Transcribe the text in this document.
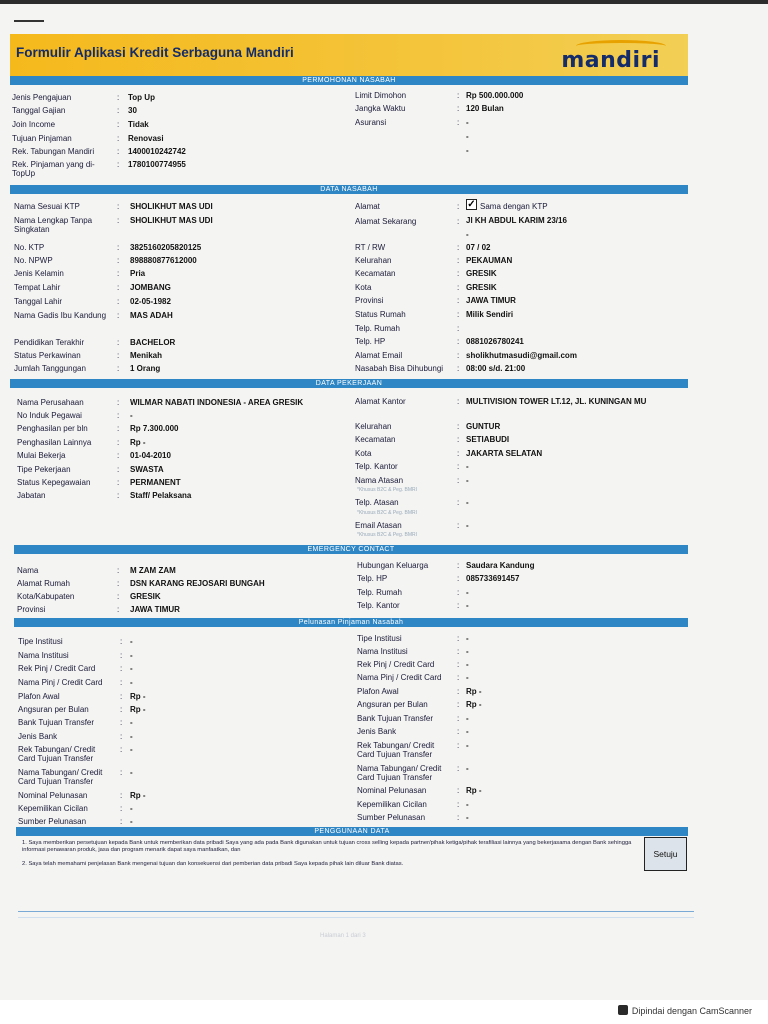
Formulir Aplikasi Kredit Serbaguna Mandiri	mandiri
PERMOHONAN NASABAH
Jenis Pengajuan	: Top Up
Tanggal Gajian	: 30
Join Income	: Tidak
Tujuan Pinjaman	: Renovasi
Rek. Tabungan Mandiri	: 1400010242742
Rek. Pinjaman yang di-TopUp
: 1780100774955
Limit Dimohon	: Rp 500.000.000
Jangka Waktu	: 120 Bulan
Asuransi	: -
-
-
DATA NASABAH
Nama Sesuai KTP	: SHOLIKHUT MAS UDI
Nama Lengkap Tanpa Singkatan
: SHOLIKHUT MAS UDI
No. KTP	: 3825160205820125
No. NPWP	: 898880877612000
Jenis Kelamin	: Pria
Tempat Lahir	: JOMBANG
Tanggal Lahir	: 02-05-1982
Nama Gadis Ibu Kandung : MAS ADAH
Pendidikan Terakhir	: BACHELOR
Status Perkawinan	: Menikah
Jumlah Tanggungan	: 1 Orang
RT / RW	: 07 / 02
Kelurahan	: PEKAUMAN
Kecamatan	: GRESIK
Kota	: GRESIK
Provinsi	: JAWA TIMUR
Status Rumah	: Milik Sendiri
Telp. Rumah	:
Telp. HP	: 0881026780241
Alamat Email	: sholikhutmasudi@gmail.com
Nasabah Bisa Dihubungi : 08:00 s/d. 21:00
Alamat	: ✓ Sama dengan KTP
Alamat Sekarang	: Jl KH ABDUL KARIM 23/16
-
DATA PEKERJAAN
Nama Perusahaan	: WILMAR NABATI INDONESIA - AREA GRESIK
No Induk Pegawai	: -
Penghasilan per bln	: Rp 7.300.000
Penghasilan Lainnya	: Rp -
Mulai Bekerja	: 01-04-2010
Tipe Pekerjaan	: SWASTA
Status Kepegawaian	: PERMANENT
Jabatan	: Staff/ Pelaksana
Alamat Kantor	: MULTIVISION TOWER LT.12, JL. KUNINGAN MU
Kelurahan	: GUNTUR
Kecamatan	: SETIABUDI
Kota	: JAKARTA SELATAN
Telp. Kantor	: -
Nama Atasan	: -
Telp. Atasan	: -
Email Atasan	: -
*Khusus B2C & Peg. BMRI
*Khusus B2C & Peg. BMRI
*Khusus B2C & Peg. BMRI
EMERGENCY CONTACT
Nama	: M ZAM ZAM
Alamat Rumah	: DSN KARANG REJOSARI BUNGAH
Kota/Kabupaten	: GRESIK
Provinsi	: JAWA TIMUR
Hubungan Keluarga	: Saudara Kandung
Telp. HP	: 085733691457
Telp. Rumah	: -
Telp. Kantor	: -
Pelunasan Pinjaman Nasabah
Tipe Institusi	: -
Nama Institusi	: -
Rek Pinj / Credit Card	: -
Nama Pinj / Credit Card : -
Plafon Awal	: Rp -
Angsuran per Bulan	: Rp -
Bank Tujuan Transfer	: -
Jenis Bank	: -
Rek Tabungan/ Credit Card Tujuan Transfer
: -
Nama Tabungan/ Credit Card Tujuan Transfer
: -
Nominal Pelunasan	: Rp -
Kepemilikan Cicilan	: -
Sumber Pelunasan	: -
Tipe Institusi	: -
Nama Institusi	: -
Rek Pinj / Credit Card	: -
Nama Pinj / Credit Card : -
Plafon Awal	: Rp -
Angsuran per Bulan	: Rp -
Bank Tujuan Transfer	: -
Jenis Bank	: -
Rek Tabungan/ Credit Card Tujuan Transfer
: -
Nama Tabungan/ Credit Card Tujuan Transfer
: -
Nominal Pelunasan	: Rp -
Kepemilikan Cicilan	: -
Sumber Pelunasan	: -
PENGGUNAAN DATA
1. Saya memberikan persetujuan kepada Bank untuk memberikan data pribadi Saya yang ada pada Bank digunakan untuk tujuan cross selling kepada partner/pihak ketiga/pihak terafiliasi lainnya yang bekerjasama dengan Bank sehingga informasi penawaran produk, jasa dan program menarik dapat saya manfaatkan, dan
2. Saya telah memahami penjelasan Bank mengenai tujuan dan konsekuensi dari pemberian data pribadi Saya kepada pihak lain diluar Bank diatas.
Setuju
Halaman 1 dari 3
Dipindai dengan CamScanner
